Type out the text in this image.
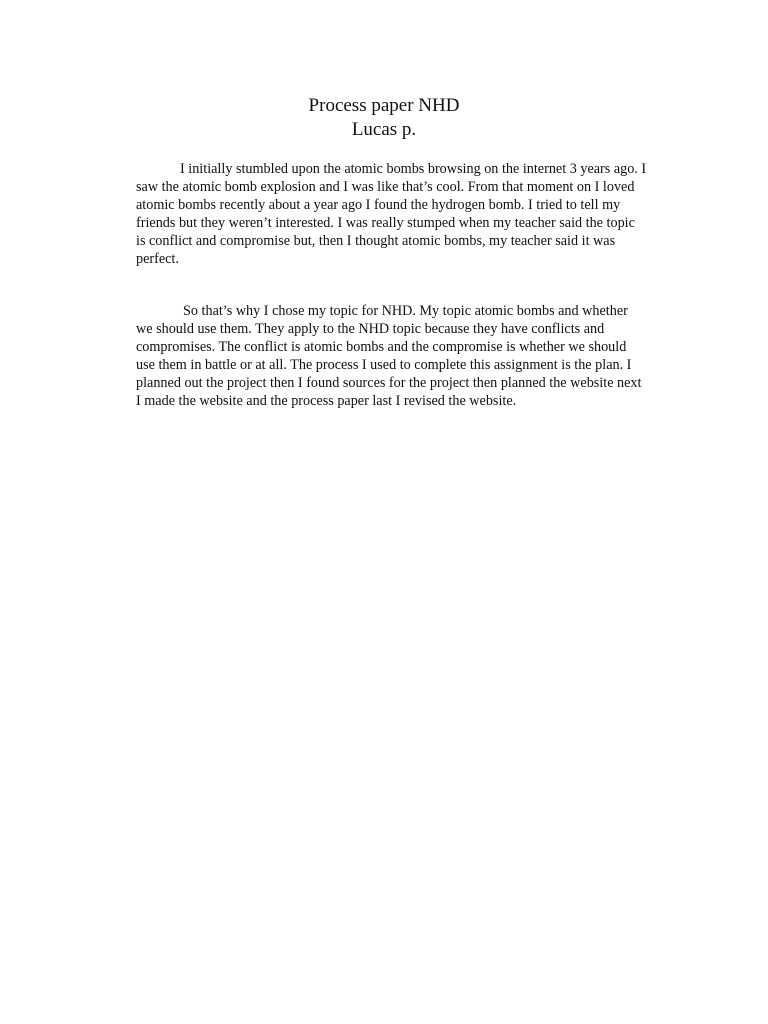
Process paper NHD
Lucas p.

I initially stumbled upon the atomic bombs browsing on the internet 3 years ago. I
saw the atomic bomb explosion and I was like that’s cool. From that moment on I loved
atomic bombs recently about a year ago I found the hydrogen bomb. I tried to tell my
friends but they weren’t interested. I was really stumped when my teacher said the topic
is conflict and compromise but, then I thought atomic bombs, my teacher said it was
perfect.

So that’s why I chose my topic for NHD. My topic atomic bombs and whether
we should use them. They apply to the NHD topic because they have conflicts and
compromises. The conflict is atomic bombs and the compromise is whether we should
use them in battle or at all. The process I used to complete this assignment is the plan. I
planned out the project then I found sources for the project then planned the website next
I made the website and the process paper last I revised the website.
